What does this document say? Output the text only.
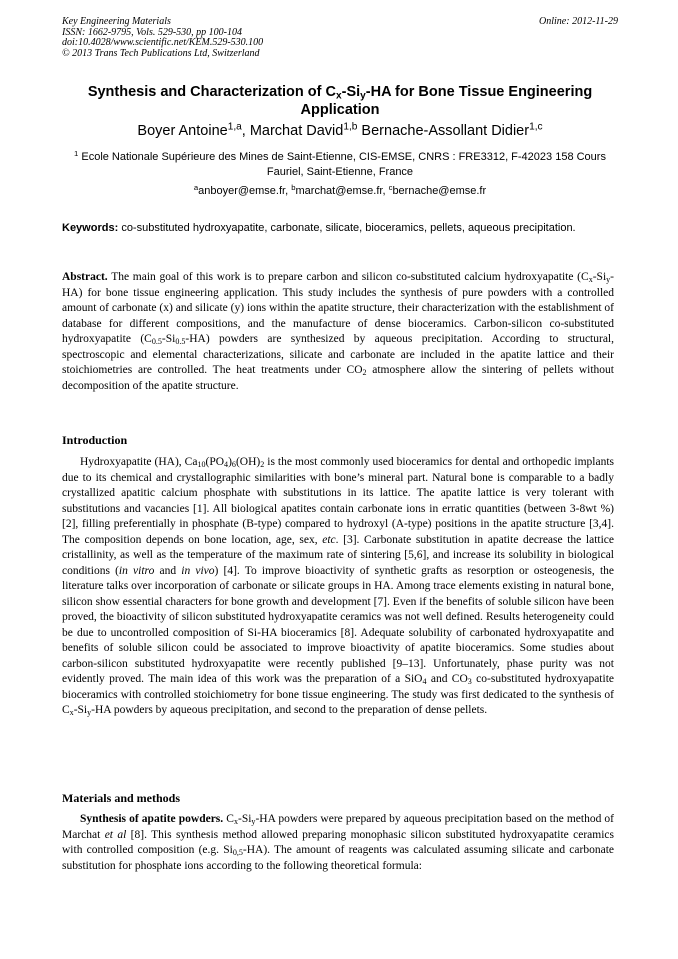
Key Engineering Materials
ISSN: 1662-9795, Vols. 529-530, pp 100-104
doi:10.4028/www.scientific.net/KEM.529-530.100
© 2013 Trans Tech Publications Ltd, Switzerland
Online: 2012-11-29
Synthesis and Characterization of $C_x-Si_y-HA$ for Bone Tissue Engineering Application
Boyer Antoine$^{1,a}$, Marchat David$^{1,b}$ Bernache-Assollant Didier$^{1,c}$
$^1$ Ecole Nationale Supérieure des Mines de Saint-Etienne, CIS-EMSE, CNRS : FRE3312, F-42023 158 Cours Fauriel, Saint-Etienne, France
$^a$anboyer@emse.fr, $^b$marchat@emse.fr, $^c$bernache@emse.fr
Keywords: co-substituted hydroxyapatite, carbonate, silicate, bioceramics, pellets, aqueous precipitation.
Abstract. The main goal of this work is to prepare carbon and silicon co-substituted calcium hydroxyapatite $(C_x-Si_y-HA)$ for bone tissue engineering application. This study includes the synthesis of pure powders with a controlled amount of carbonate (x) and silicate (y) ions within the apatite structure, their characterization with the establishment of database for different compositions, and the manufacture of dense bioceramics. Carbon-silicon co-substituted hydroxyapatite $(C_{0.5}-Si_{0.5}-HA)$ powders are synthesized by aqueous precipitation. According to structural, spectroscopic and elemental characterizations, silicate and carbonate are included in the apatite lattice and their stoichiometries are controlled. The heat treatments under $CO_2$ atmosphere allow the sintering of pellets without decomposition of the apatite structure.
Introduction
Hydroxyapatite (HA), $Ca_{10}(PO_4)_6(OH)_2$ is the most commonly used bioceramics for dental and orthopedic implants due to its chemical and crystallographic similarities with bone’s mineral part. Natural bone is comparable to a badly crystallized apatitic calcium phosphate with substitutions in its lattice. The apatite lattice is very tolerant with substitutions and vacancies [1]. All biological apatites contain carbonate ions in erratic quantities (between 3-8wt %) [2], filling preferentially in phosphate (B-type) compared to hydroxyl (A-type) positions in the apatite structure [3,4]. The composition depends on bone location, age, sex, etc. [3]. Carbonate substitution in apatite decrease the lattice cristallinity, as well as the temperature of the maximum rate of sintering [5,6], and increase its solubility in biological conditions (in vitro and in vivo) [4]. To improve bioactivity of synthetic grafts as resorption or osteogenesis, the literature talks over incorporation of carbonate or silicate groups in HA. Among trace elements existing in natural bone, silicon show essential characters for bone growth and development [7]. Even if the benefits of soluble silicon have been proved, the bioactivity of silicon substituted hydroxyapatite ceramics was not well defined. Results heterogeneity could be due to uncontrolled composition of Si-HA bioceramics [8]. Adequate solubility of carbonated hydroxyapatite and benefits of soluble silicon could be associated to improve bioactivity of apatite bioceramics. Some studies about carbon-silicon substituted hydroxyapatite were recently published [9–13]. Unfortunately, phase purity was not evidently proved. The main idea of this work was the preparation of a SiO$_4$ and $CO_3$ co-substituted hydroxyapatite bioceramics with controlled stoichiometry for bone tissue engineering. The study was first dedicated to the synthesis of $C_x-Si_y-HA$ powders by aqueous precipitation, and second to the preparation of dense pellets.
Materials and methods
Synthesis of apatite powders. $C_x-Si_y-HA$ powders were prepared by aqueous precipitation based on the method of Marchat et al [8]. This synthesis method allowed preparing monophasic silicon substituted hydroxyapatite ceramics with controlled composition (e.g. $Si_{0,5}-HA$). The amount of reagents was calculated assuming silicate and carbonate substitution for phosphate ions according to the following theoretical formula:
